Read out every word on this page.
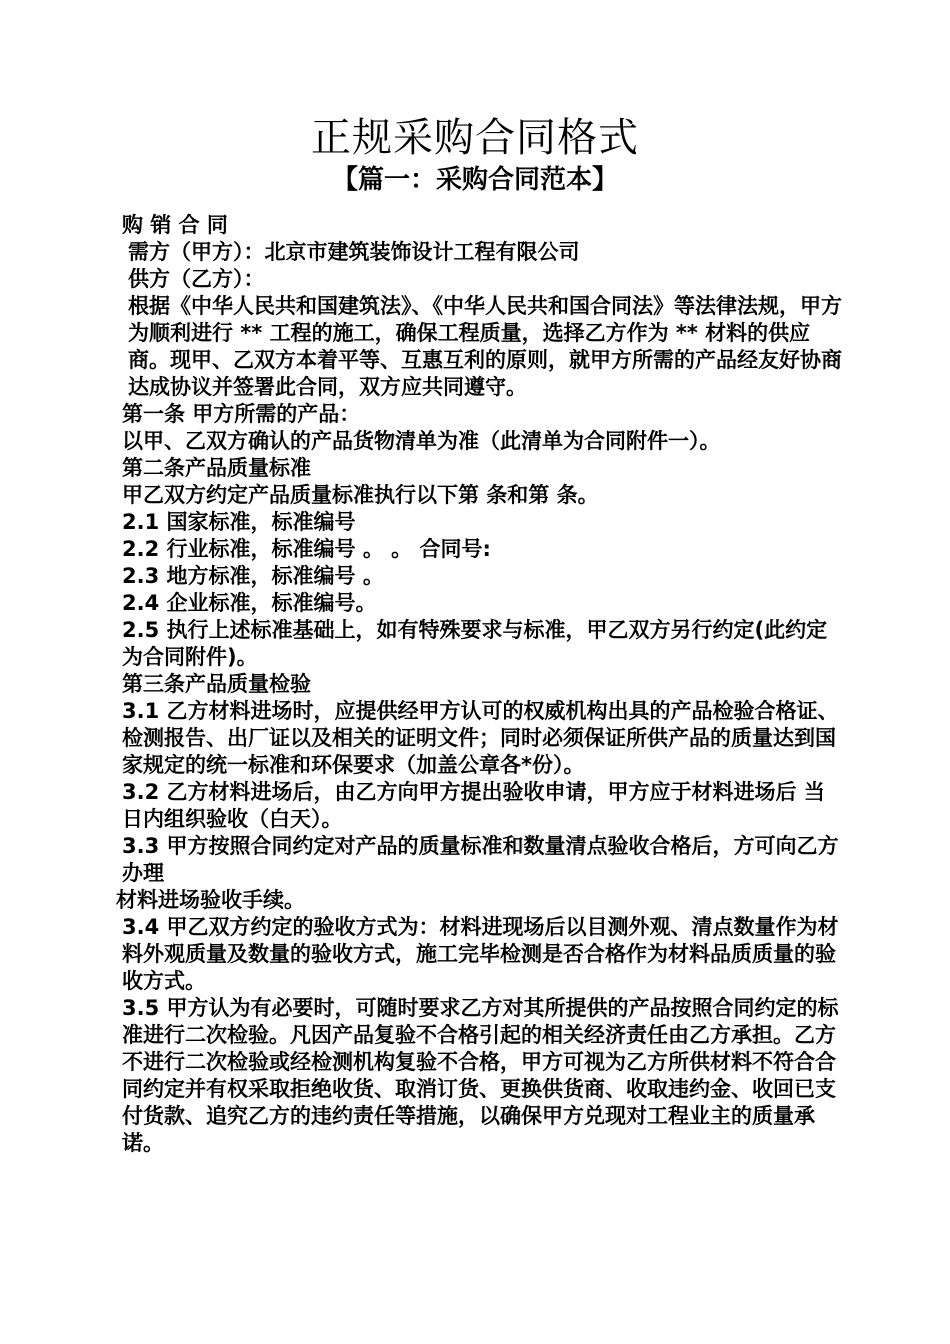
正规采购合同格式
【篇一：采购合同范本】

购 销 合 同

需方（甲方）：北京市建筑装饰设计工程有限公司

供方（乙方）：

根据《中华人民共和国建筑法》、《中华人民共和国合同法》等法律法规，甲方为顺利进行 ** 工程的施工，确保工程质量，选择乙方作为 ** 材料的供应商。现甲、乙双方本着平等、互惠互利的原则，就甲方所需的产品经友好协商达成协议并签署此合同，双方应共同遵守。

第一条 甲方所需的产品：

以甲、乙双方确认的产品货物清单为准（此清单为合同附件一）。

第二条产品质量标准

甲乙双方约定产品质量标准执行以下第 条和第 条。

2.1 国家标准，标准编号

2.2 行业标准，标准编号 。 。 合同号:

2.3 地方标准，标准编号 。

2.4 企业标准，标准编号。

2.5 执行上述标准基础上，如有特殊要求与标准，甲乙双方另行约定(此约定为合同附件)。

第三条产品质量检验

3.1 乙方材料进场时，应提供经甲方认可的权威机构出具的产品检验合格证、检测报告、出厂证以及相关的证明文件；同时必须保证所供产品的质量达到国家规定的统一标准和环保要求（加盖公章各*份）。

3.2 乙方材料进场后，由乙方向甲方提出验收申请，甲方应于材料进场后 当 日内组织验收（白天）。

3.3 甲方按照合同约定对产品的质量标准和数量清点验收合格后，方可向乙方办理

材料进场验收手续。

3.4 甲乙双方约定的验收方式为：材料进现场后以目测外观、清点数量作为材料外观质量及数量的验收方式，施工完毕检测是否合格作为材料品质质量的验收方式。

3.5 甲方认为有必要时，可随时要求乙方对其所提供的产品按照合同约定的标准进行二次检验。凡因产品复验不合格引起的相关经济责任由乙方承担。乙方不进行二次检验或经检测机构复验不合格，甲方可视为乙方所供材料不符合合同约定并有权采取拒绝收货、取消订货、更换供货商、收取违约金、收回已支付货款、追究乙方的违约责任等措施，以确保甲方兑现对工程业主的质量承诺。
